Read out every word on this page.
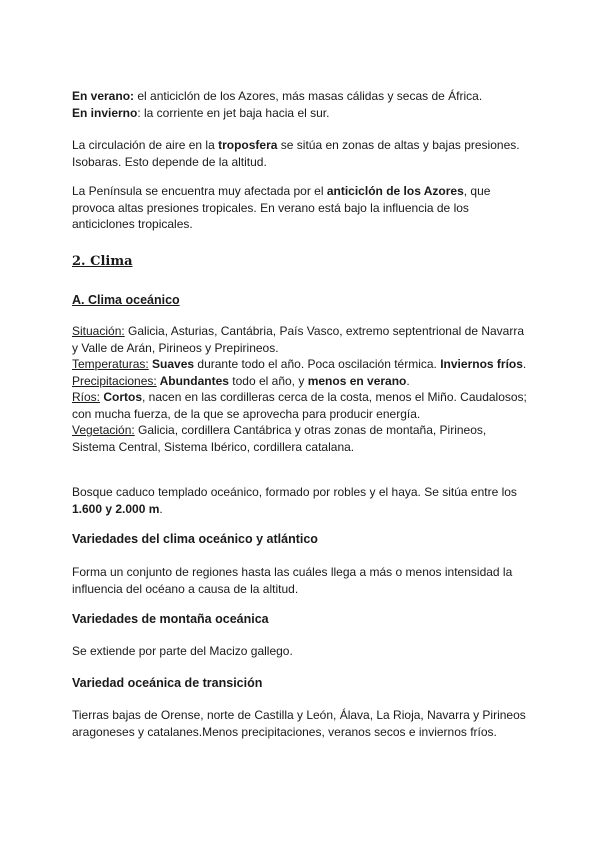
En verano: el anticiclón de los Azores, más masas cálidas y secas de África.

En invierno: la corriente en jet baja hacia el sur.

La circulación de aire en la troposfera se sitúa en zonas de altas y bajas presiones. Isobaras. Esto depende de la altitud.

La Península se encuentra muy afectada por el anticiclón de los Azores, que provoca altas presiones tropicales. En verano está bajo la influencia de los anticiclones tropicales.

2. Clima

A. Clima oceánico

Situación: Galicia, Asturias, Cantábria, País Vasco, extremo septentrional de Navarra y Valle de Arán, Pirineos y Prepirineos.

Temperaturas: Suaves durante todo el año. Poca oscilación térmica. Inviernos fríos.

Precipitaciones: Abundantes todo el año, y menos en verano.

Ríos: Cortos, nacen en las cordilleras cerca de la costa, menos el Miño. Caudalosos; con mucha fuerza, de la que se aprovecha para producir energía.

Vegetación: Galicia, cordillera Cantábrica y otras zonas de montaña, Pirineos, Sistema Central, Sistema Ibérico, cordillera catalana.

Bosque caduco templado oceánico, formado por robles y el haya. Se sitúa entre los 1.600 y 2.000 m.

Variedades del clima oceánico y atlántico

Forma un conjunto de regiones hasta las cuáles llega a más o menos intensidad la influencia del océano a causa de la altitud.

Variedades de montaña oceánica

Se extiende por parte del Macizo gallego.

Variedad oceánica de transición

Tierras bajas de Orense, norte de Castilla y León, Álava, La Rioja, Navarra y Pirineos aragoneses y catalanes.Menos precipitaciones, veranos secos e inviernos fríos.
